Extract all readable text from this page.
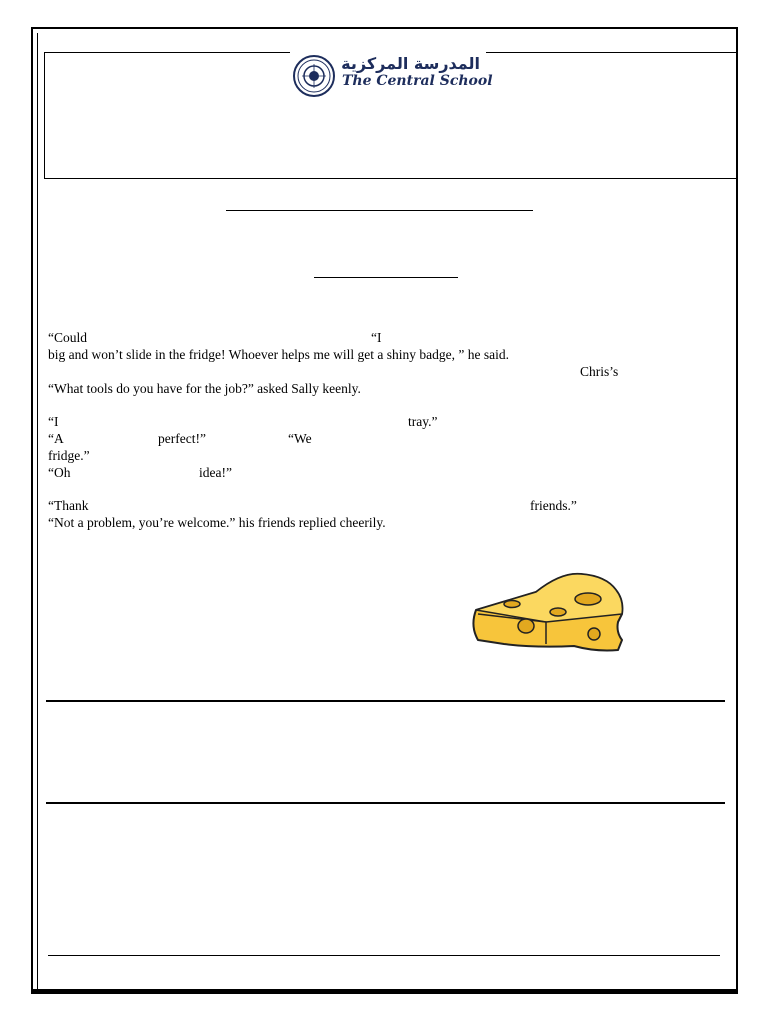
المدرسة المركزية
The Central School
“Could	“I
big and won’t slide in the fridge! Whoever helps me will get a shiny badge, ” he said.
Chris’s
“What tools do you have for the job?” asked Sally keenly.
“I	tray.”
“A	perfect!”	“We
fridge.”
“Oh	idea!”
“Thank	friends.”
“Not a problem, you’re welcome.” his friends replied cheerily.
